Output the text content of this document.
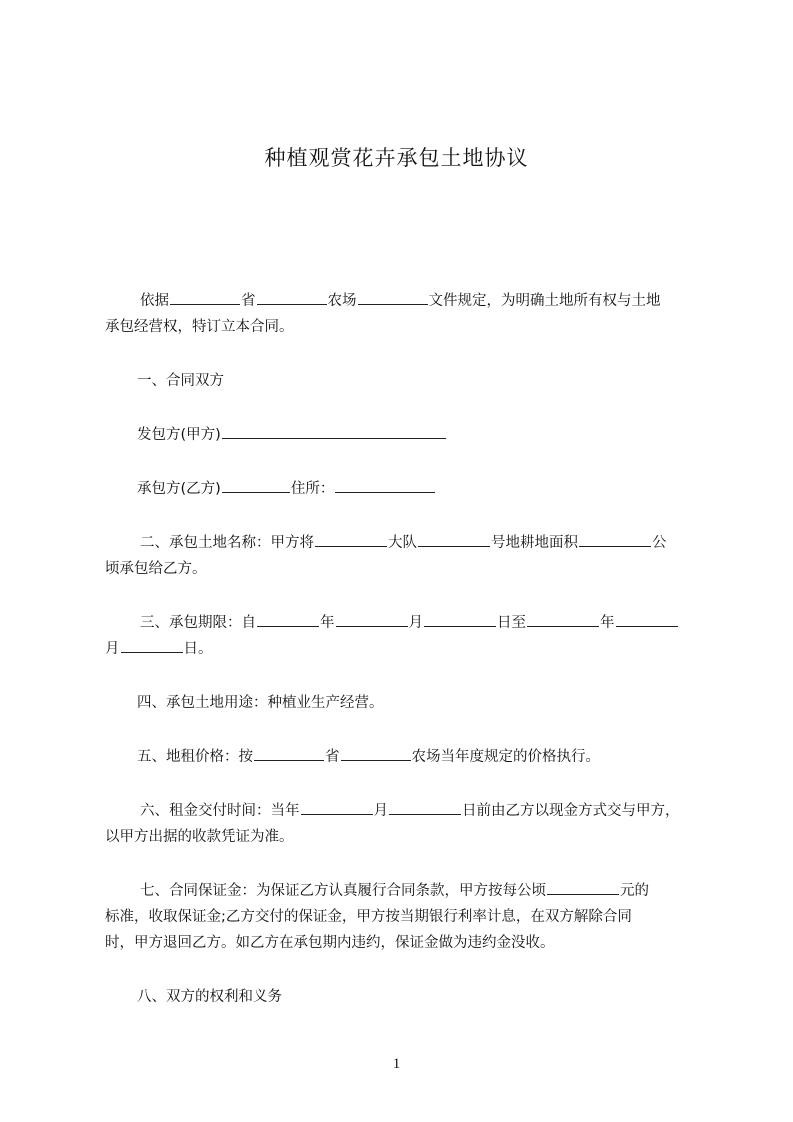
种植观赏花卉承包土地协议
依据	省	农场	文件规定，为明确土地所有权与土地
承包经营权，特订立本合同。
一、合同双方
发包方(甲方)
承包方(乙方)	住所：
二、承包土地名称：甲方将	大队	号地耕地面积	公
顷承包给乙方。
三、承包期限：自	年	月	日至	年
月	日。
四、承包土地用途：种植业生产经营。
五、地租价格：按	省	农场当年度规定的价格执行。
六、租金交付时间：当年	月	日前由乙方以现金方式交与甲方，
以甲方出据的收款凭证为准。
七、合同保证金：为保证乙方认真履行合同条款，甲方按每公顷	元的
标准，收取保证金;乙方交付的保证金，甲方按当期银行利率计息，在双方解除合同
时，甲方退回乙方。如乙方在承包期内违约，保证金做为违约金没收。
八、双方的权利和义务
1
